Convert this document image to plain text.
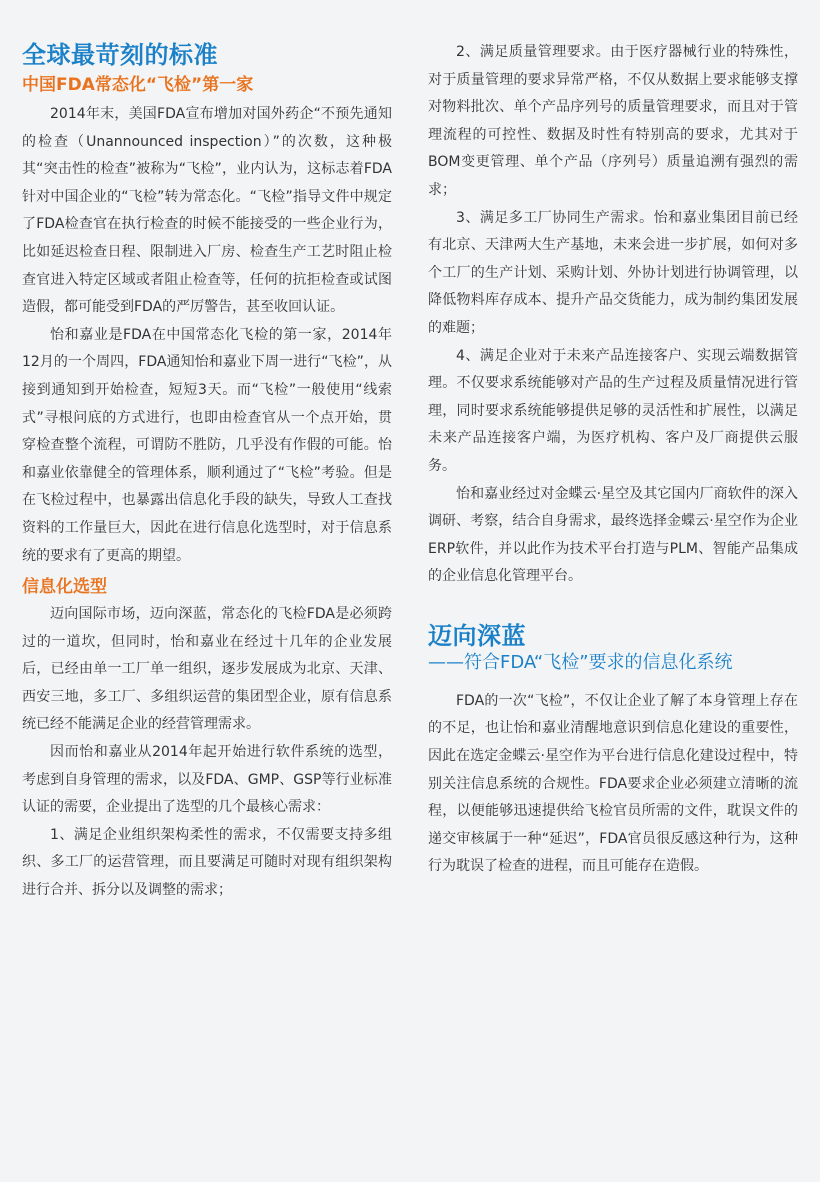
全球最苛刻的标准
中国FDA常态化“飞检”第一家

2014年末，美国FDA宣布增加对国外药企“不预先通知的检查（Unannounced inspection）”的次数，这种极其“突击性的检查”被称为“飞检”，业内认为，这标志着FDA针对中国企业的“飞检”转为常态化。“飞检”指导文件中规定了FDA检查官在执行检查的时候不能接受的一些企业行为，比如延迟检查日程、限制进入厂房、检查生产工艺时阻止检查官进入特定区域或者阻止检查等，任何的抗拒检查或试图造假，都可能受到FDA的严厉警告，甚至收回认证。

怡和嘉业是FDA在中国常态化飞检的第一家，2014年12月的一个周四，FDA通知怡和嘉业下周一进行“飞检”，从接到通知到开始检查，短短3天。而“飞检”一般使用“线索式”寻根问底的方式进行，也即由检查官从一个点开始，贯穿检查整个流程，可谓防不胜防，几乎没有作假的可能。怡和嘉业依靠健全的管理体系，顺利通过了“飞检”考验。但是在飞检过程中，也暴露出信息化手段的缺失，导致人工查找资料的工作量巨大，因此在进行信息化选型时，对于信息系统的要求有了更高的期望。

信息化选型

迈向国际市场，迈向深蓝，常态化的飞检FDA是必须跨过的一道坎，但同时，怡和嘉业在经过十几年的企业发展后，已经由单一工厂单一组织，逐步发展成为北京、天津、西安三地，多工厂、多组织运营的集团型企业，原有信息系统已经不能满足企业的经营管理需求。

因而怡和嘉业从2014年起开始进行软件系统的选型，考虑到自身管理的需求，以及FDA、GMP、GSP等行业标准认证的需要，企业提出了选型的几个最核心需求：

1、满足企业组织架构柔性的需求，不仅需要支持多组织、多工厂的运营管理，而且要满足可随时对现有组织架构进行合并、拆分以及调整的需求；

2、满足质量管理要求。由于医疗器械行业的特殊性，对于质量管理的要求异常严格，不仅从数据上要求能够支撑对物料批次、单个产品序列号的质量管理要求，而且对于管理流程的可控性、数据及时性有特别高的要求，尤其对于BOM变更管理、单个产品（序列号）质量追溯有强烈的需求；

3、满足多工厂协同生产需求。怡和嘉业集团目前已经有北京、天津两大生产基地，未来会进一步扩展，如何对多个工厂的生产计划、采购计划、外协计划进行协调管理，以降低物料库存成本、提升产品交货能力，成为制约集团发展的难题；

4、满足企业对于未来产品连接客户、实现云端数据管理。不仅要求系统能够对产品的生产过程及质量情况进行管理，同时要求系统能够提供足够的灵活性和扩展性，以满足未来产品连接客户端，为医疗机构、客户及厂商提供云服务。

怡和嘉业经过对金蝶云·星空及其它国内厂商软件的深入调研、考察，结合自身需求，最终选择金蝶云·星空作为企业ERP软件，并以此作为技术平台打造与PLM、智能产品集成的企业信息化管理平台。

迈向深蓝
——符合FDA“飞检”要求的信息化系统

FDA的一次“飞检”，不仅让企业了解了本身管理上存在的不足，也让怡和嘉业清醒地意识到信息化建设的重要性，因此在选定金蝶云·星空作为平台进行信息化建设过程中，特别关注信息系统的合规性。FDA要求企业必须建立清晰的流程，以便能够迅速提供给飞检官员所需的文件，耽误文件的递交审核属于一种“延迟”，FDA官员很反感这种行为，这种行为耽误了检查的进程，而且可能存在造假。
